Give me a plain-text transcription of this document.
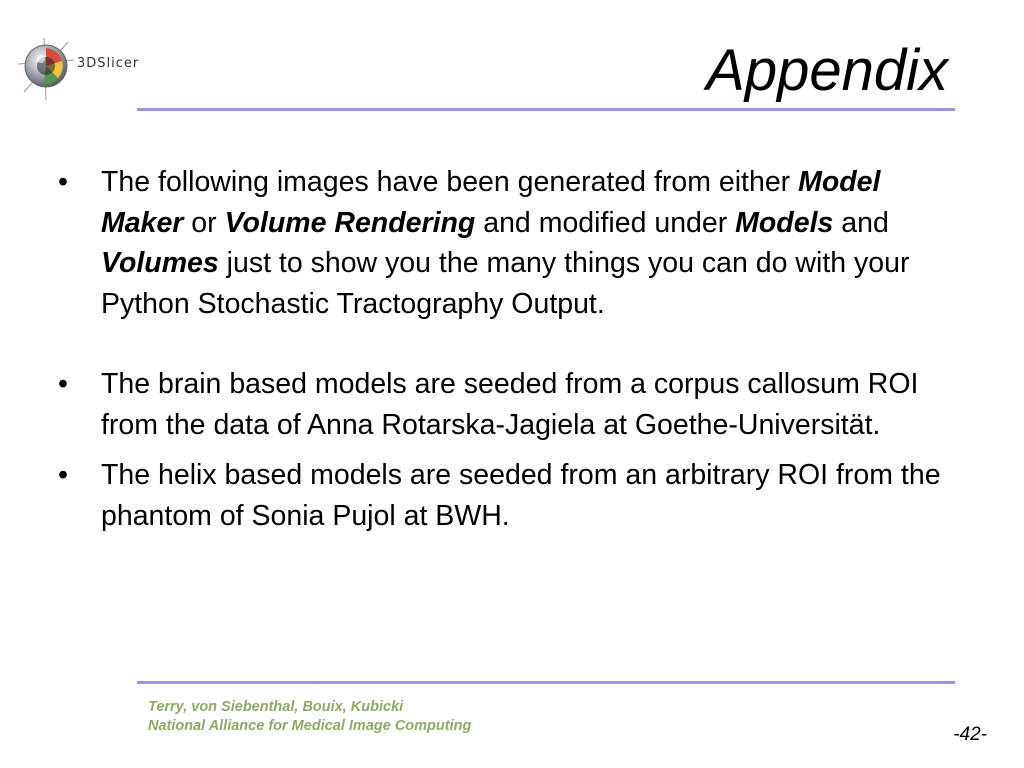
3DSlicer	Appendix
• The following images have been generated from either Model Maker or Volume Rendering and modified under Models and Volumes just to show you the many things you can do with your Python Stochastic Tractography Output.
• The brain based models are seeded from a corpus callosum ROI from the data of Anna Rotarska-Jagiela at Goethe-Universität.
• The helix based models are seeded from an arbitrary ROI from the phantom of Sonia Pujol at BWH.
Terry, von Siebenthal, Bouix, Kubicki
National Alliance for Medical Image Computing	-42-
